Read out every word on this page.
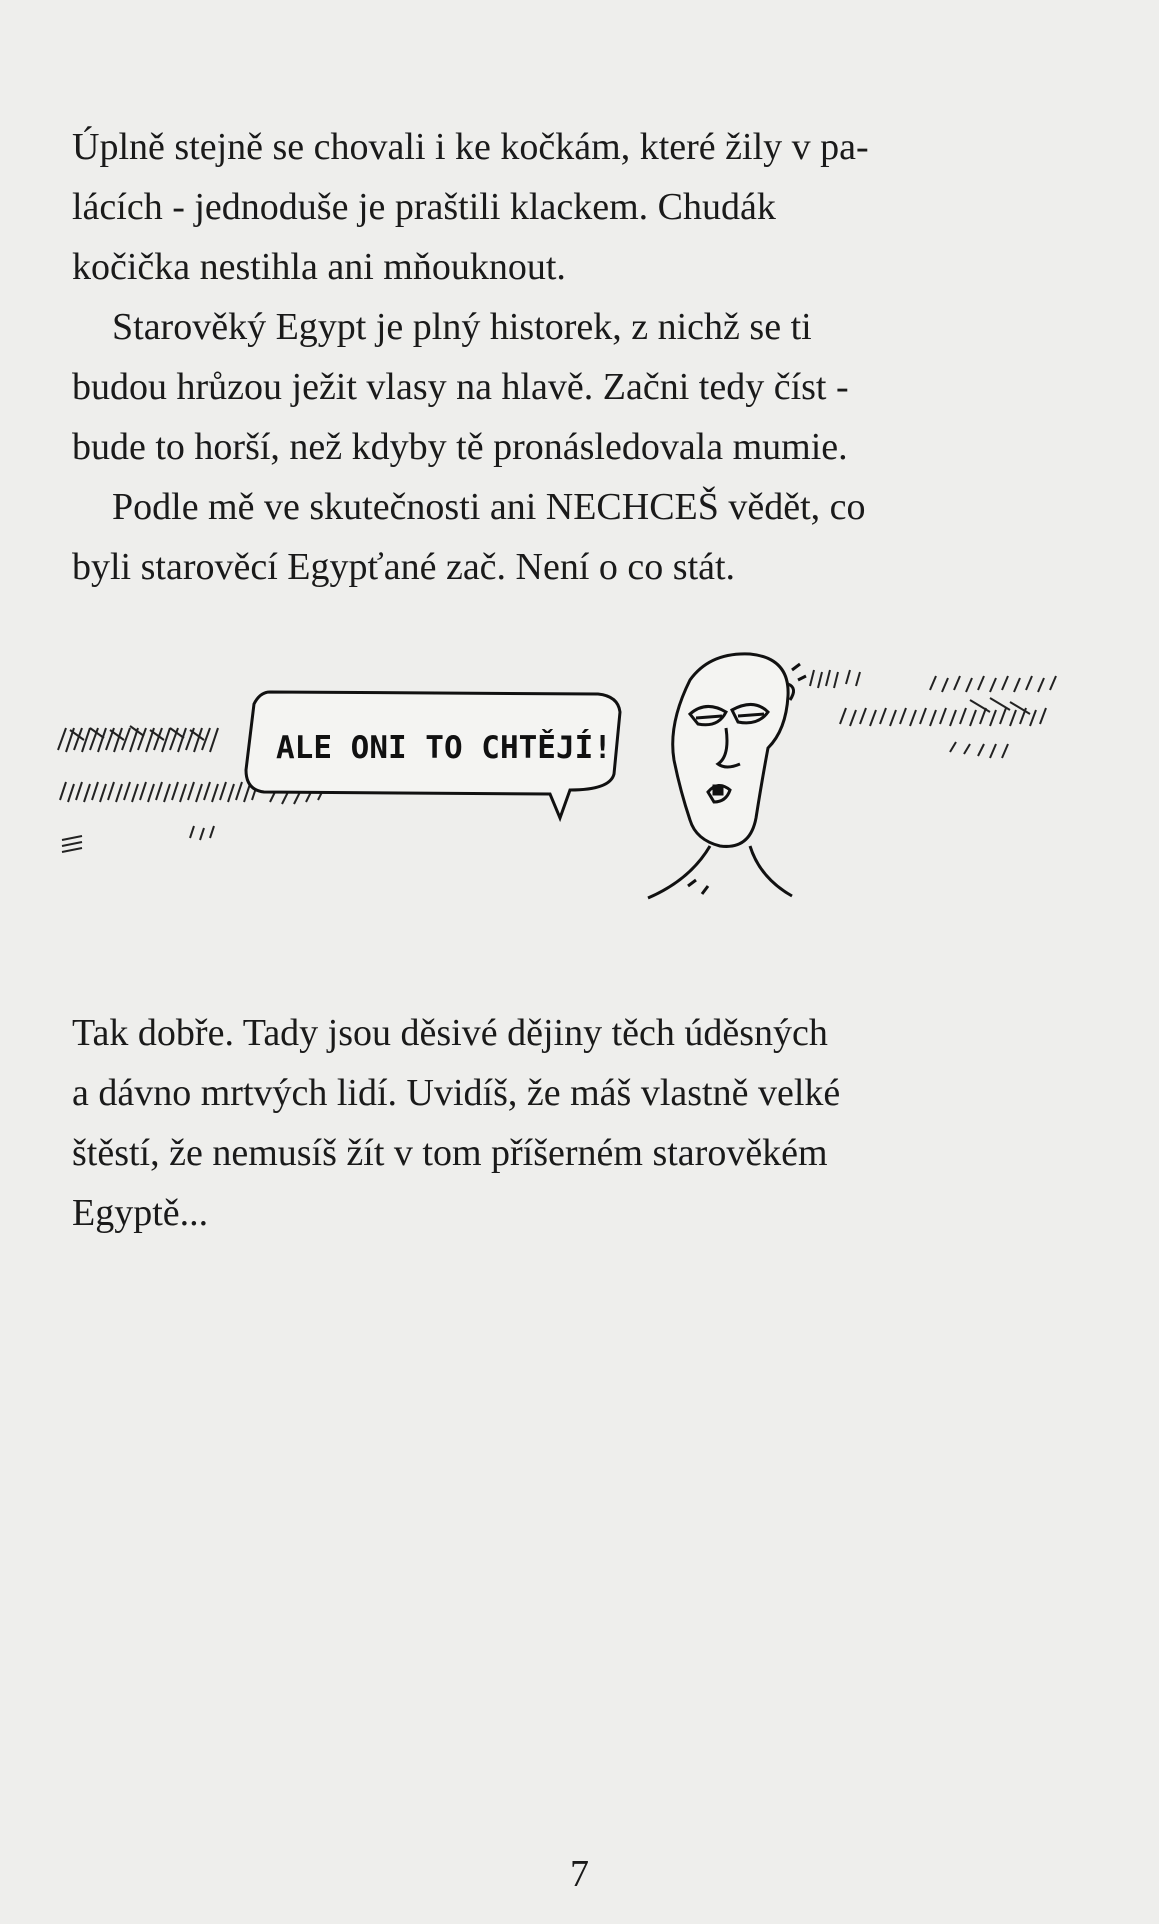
Úplně stejně se chovali i ke kočkám, které žily v pa-
lácích - jednoduše je praštili klackem. Chudák
kočička nestihla ani mňouknout.

Starověký Egypt je plný historek, z nichž se ti
budou hrůzou ježit vlasy na hlavě. Začni tedy číst -
bude to horší, než kdyby tě pronásledovala mumie.

Podle mě ve skutečnosti ani NECHCEŠ vědět, co
byli starověcí Egypťané zač. Není o co stát.

ALE ONI TO CHTĚJÍ!

Tak dobře. Tady jsou děsivé dějiny těch úděsných
a dávno mrtvých lidí. Uvidíš, že máš vlastně velké
štěstí, že nemusíš žít v tom příšerném starověkém
Egyptě...

7
